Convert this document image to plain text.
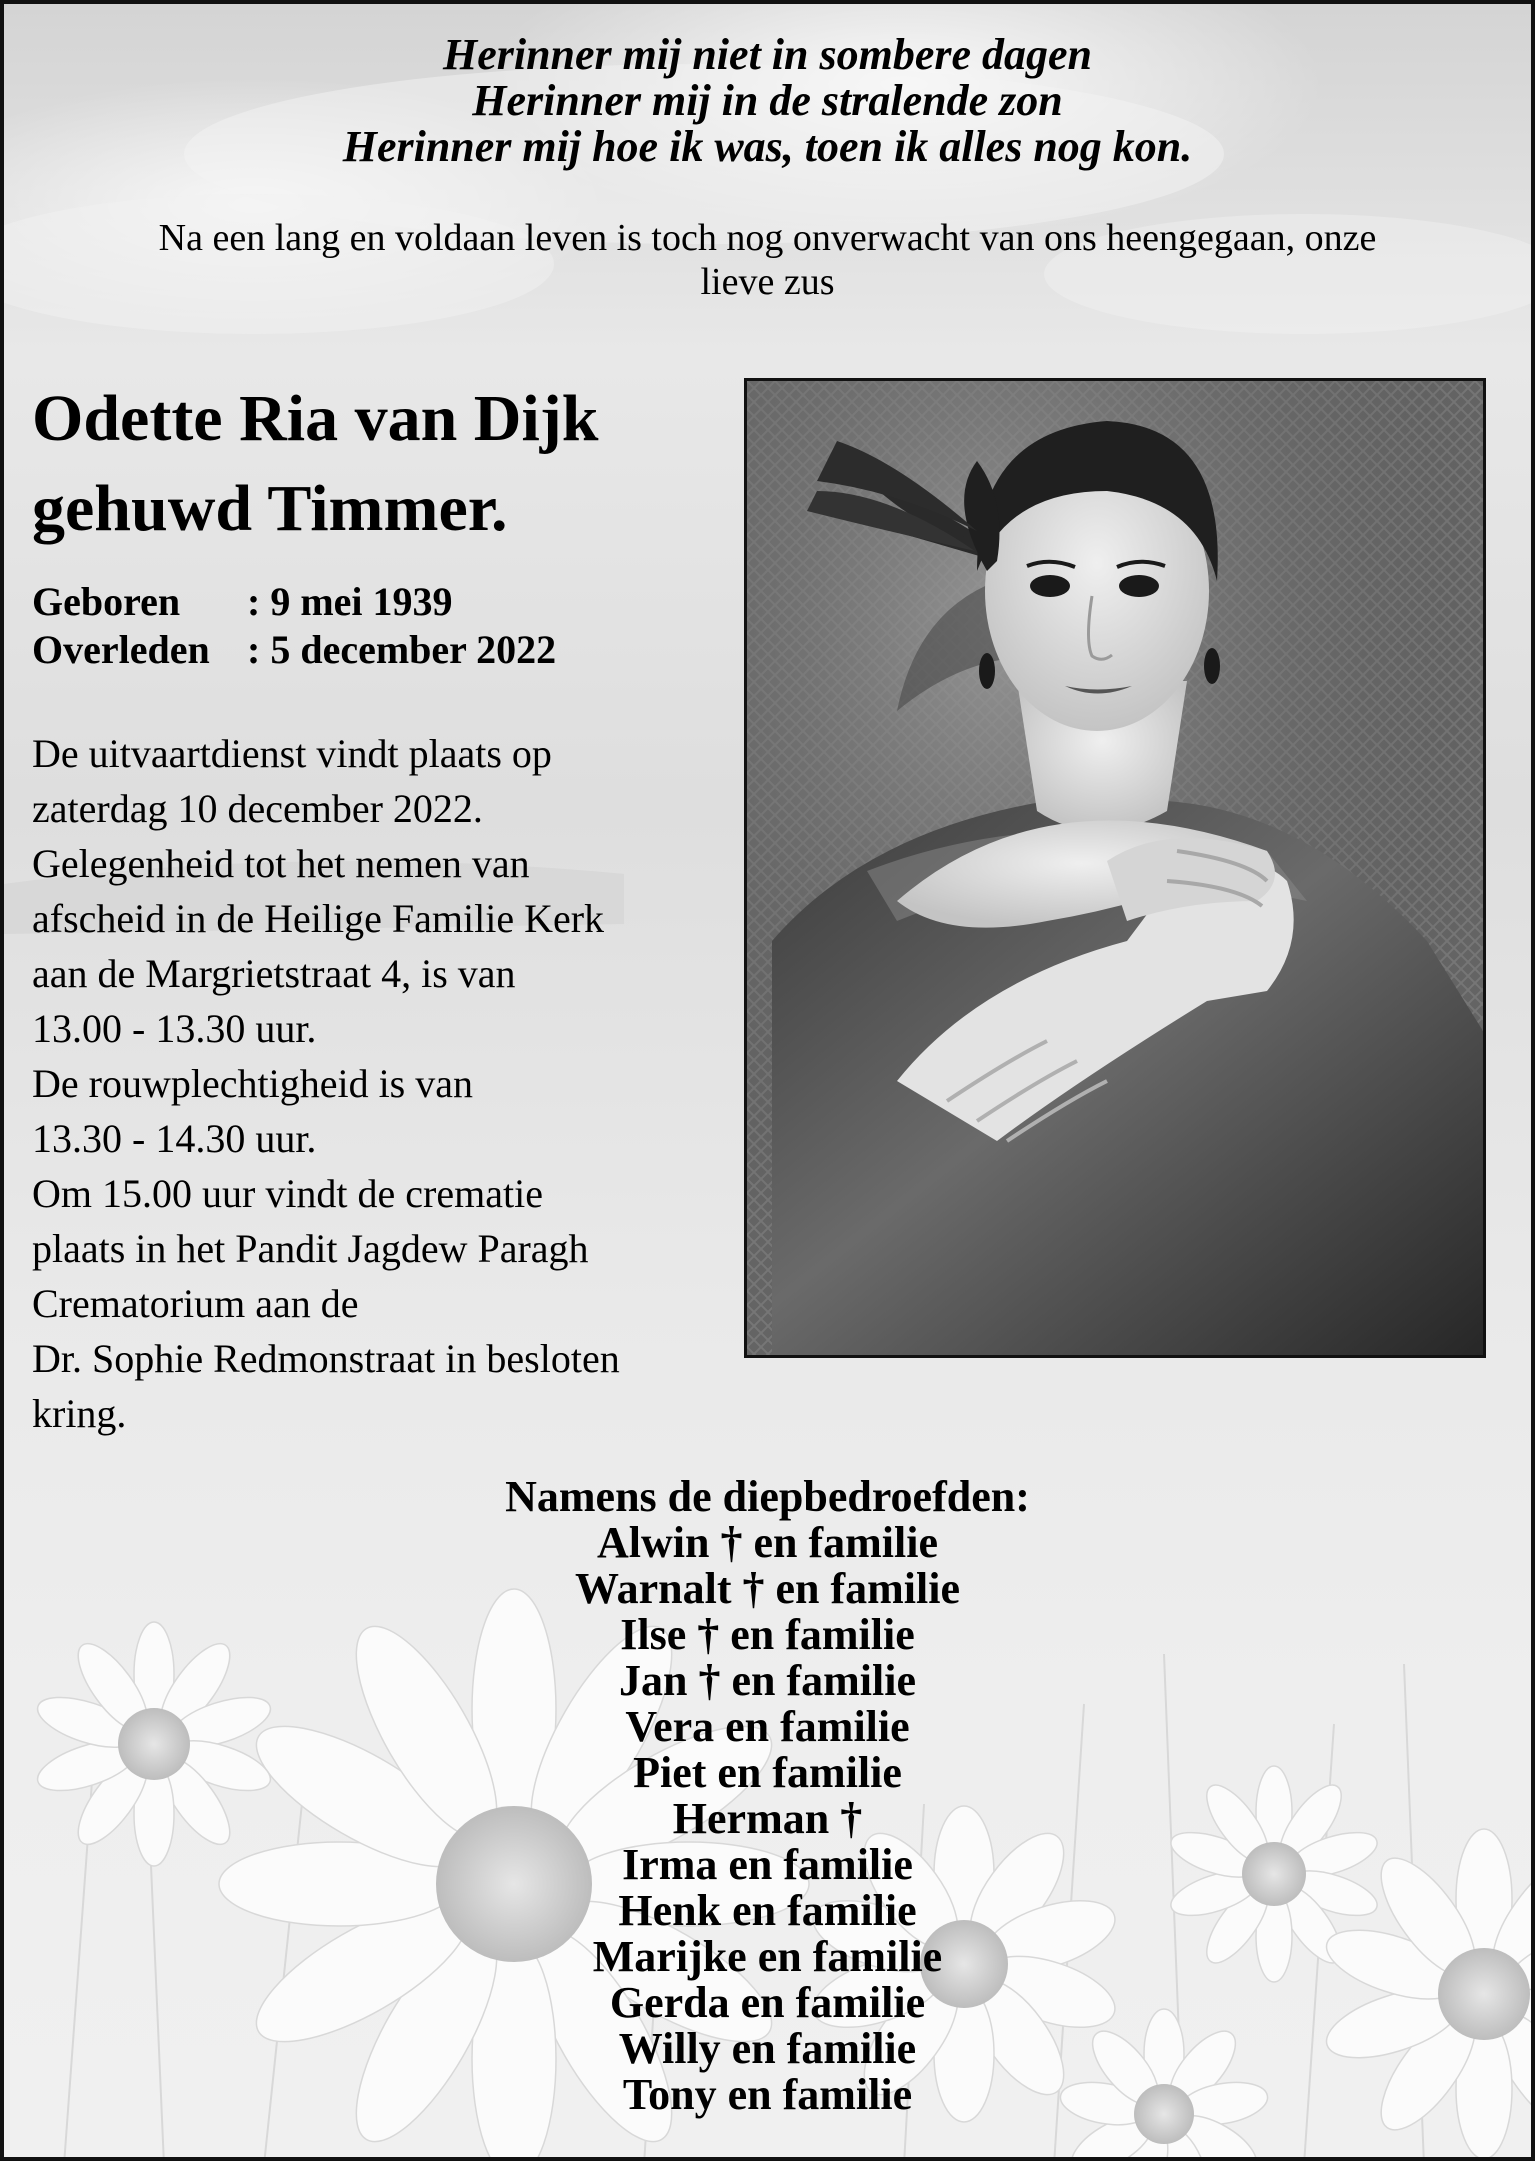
Herinner mij niet in sombere dagen
Herinner mij in de stralende zon
Herinner mij hoe ik was, toen ik alles nog kon.
Na een lang en voldaan leven is toch nog onverwacht van ons heengegaan, onze
lieve zus
Odette Ria van Dijk
gehuwd Timmer.
Geboren	: 9 mei 1939
Overleden : 5 december 2022
De uitvaartdienst vindt plaats op
zaterdag 10 december 2022.
Gelegenheid tot het nemen van
afscheid in de Heilige Familie Kerk
aan de Margrietstraat 4, is van
13.00 - 13.30 uur.
De rouwplechtigheid is van
13.30 - 14.30 uur.
Om 15.00 uur vindt de crematie
plaats in het Pandit Jagdew Paragh
Crematorium aan de
Dr. Sophie Redmonstraat in besloten
kring.
Namens de diepbedroefden:
Alwin † en familie
Warnalt † en familie
Ilse † en familie
Jan † en familie
Vera en familie
Piet en familie
Herman †
Irma en familie
Henk en familie
Marijke en familie
Gerda en familie
Willy en familie
Tony en familie
